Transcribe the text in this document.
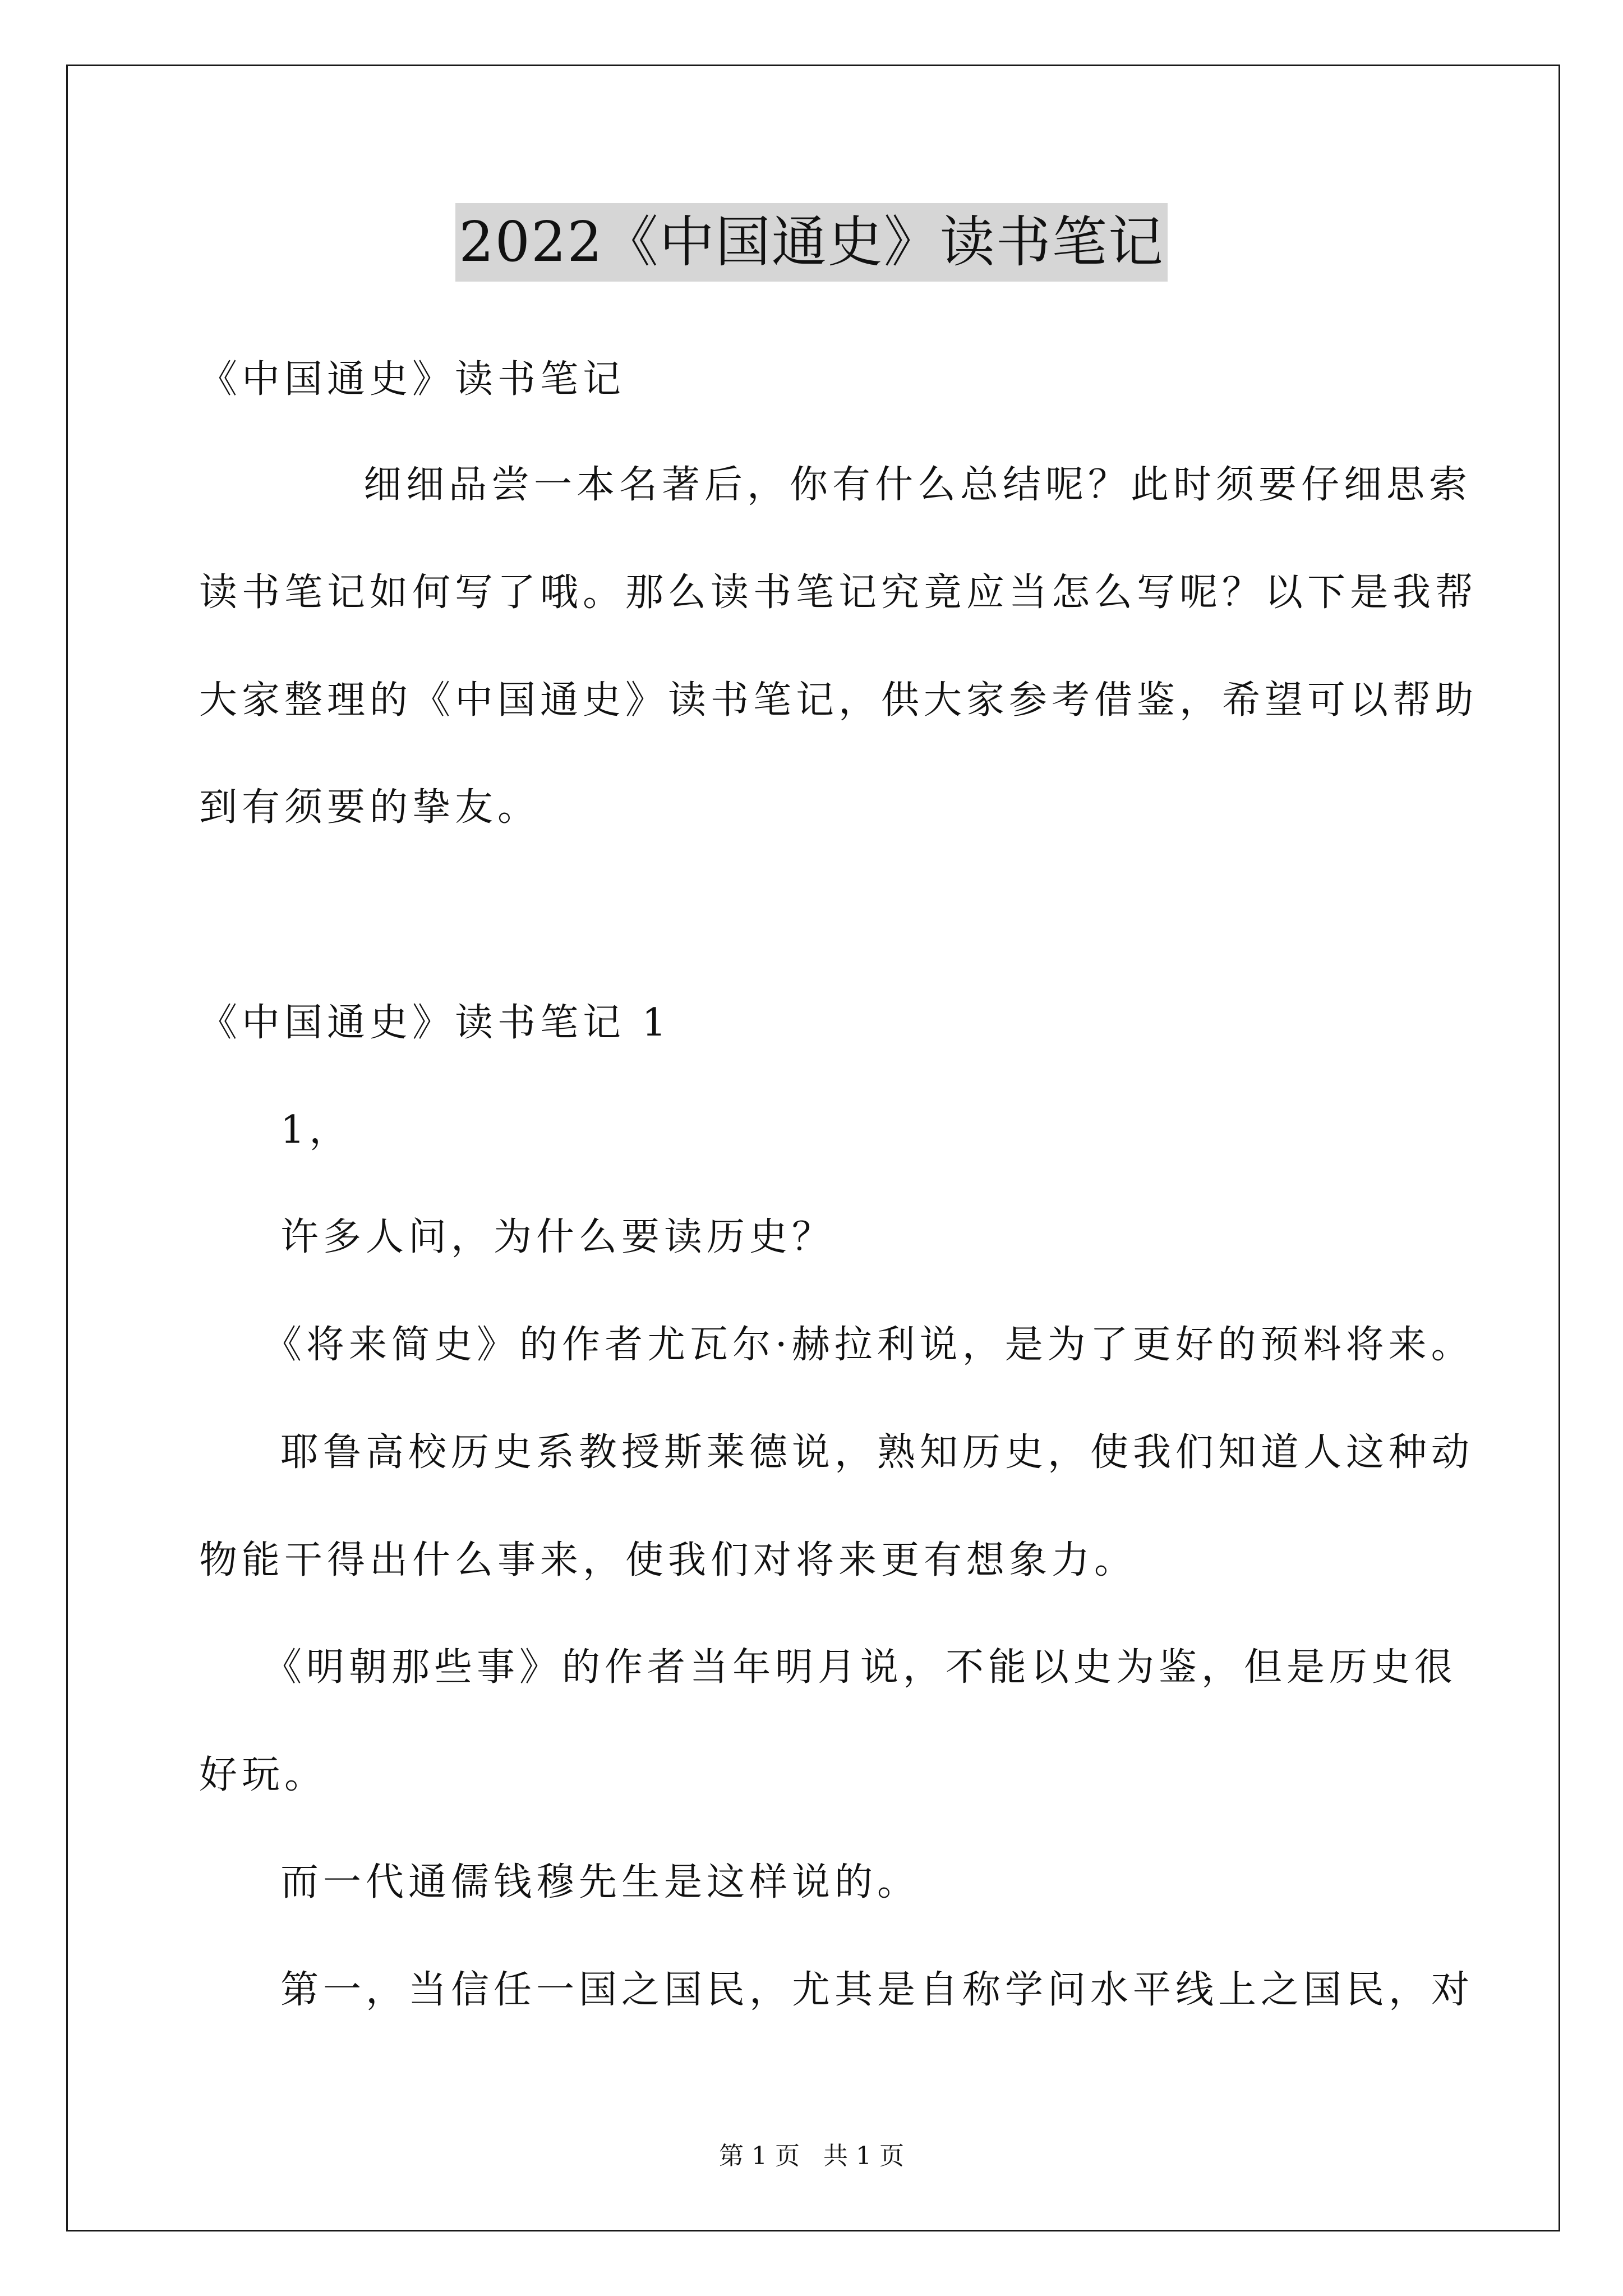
2022《中国通史》读书笔记
《中国通史》读书笔记
细细品尝一本名著后，你有什么总结呢？此时须要仔细思索
读书笔记如何写了哦。那么读书笔记究竟应当怎么写呢？以下是我帮
大家整理的《中国通史》读书笔记，供大家参考借鉴，希望可以帮助
到有须要的挚友。
《中国通史》读书笔记 1
1，
许多人问，为什么要读历史？
《将来简史》的作者尤瓦尔·赫拉利说，是为了更好的预料将来。
耶鲁高校历史系教授斯莱德说，熟知历史，使我们知道人这种动
物能干得出什么事来，使我们对将来更有想象力。
《明朝那些事》的作者当年明月说，不能以史为鉴，但是历史很
好玩。
而一代通儒钱穆先生是这样说的。
第一，当信任一国之国民，尤其是自称学问水平线上之国民，对
第 1 页   共 1 页
